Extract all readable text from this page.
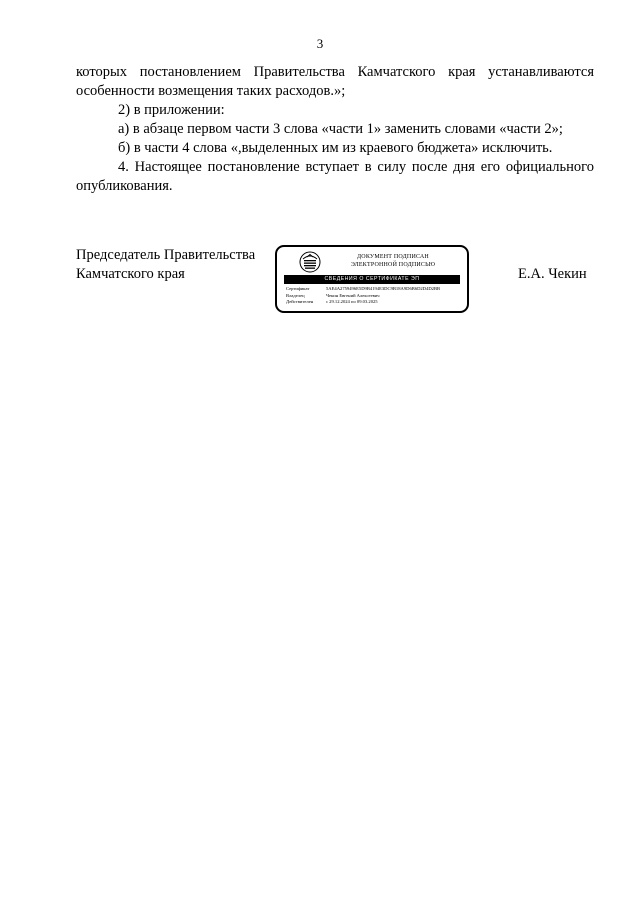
3

которых постановлением Правительства Камчатского края устанавливаются особенности возмещения таких расходов.»;

2) в приложении:

а) в абзаце первом части 3 слова «части 1» заменить словами «части 2»;

б) в части 4 слова «,выделенных им из краевого бюджета» исключить.

4. Настоящее постановление вступает в силу после дня его официального опубликования.

Председатель Правительства
Камчатского края
ДОКУМЕНТ ПОДПИСАН
ЭЛЕКТРОННОЙ ПОДПИСЬЮ
СВЕДЕНИЯ О СЕРТИФИКАТЕ ЭП
Сертификат	5AE4A2759496E5D9B4194E3DC9B18A9D6B6D2D4D2BB
Владелец	Чекин Евгений Алексеевич
Действителен	с 29.12.2024 по 09.03.2025
Е.А. Чекин
